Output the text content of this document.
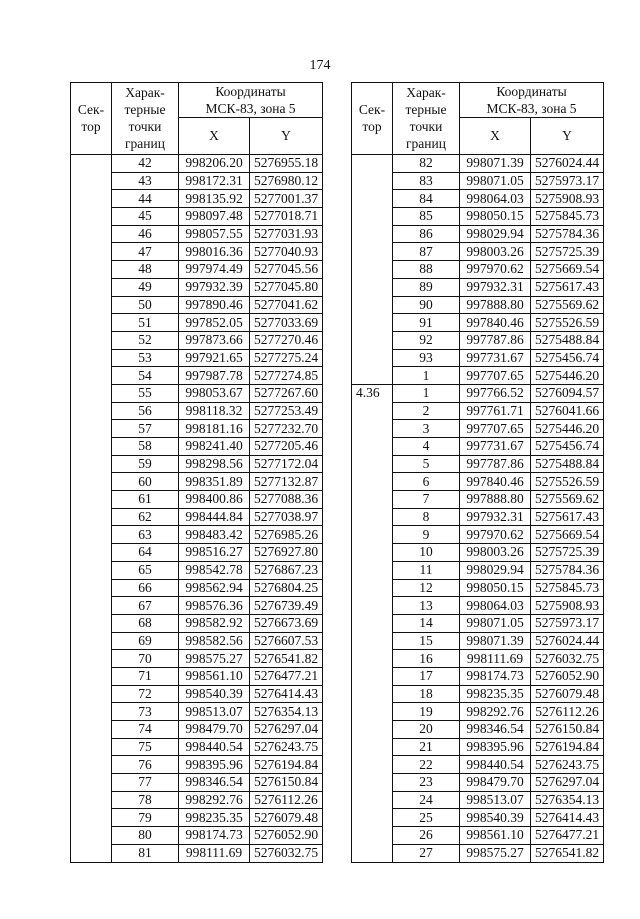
174
Сек-
тор	Харак-
терные
точки
границ	Координаты
МСК-83, зона 5	
		X	Y
	42	998206.20	5276955.18
	43	998172.31	5276980.12
	44	998135.92	5277001.37
	45	998097.48	5277018.71
	46	998057.55	5277031.93
	47	998016.36	5277040.93
	48	997974.49	5277045.56
	49	997932.39	5277045.80
	50	997890.46	5277041.62
	51	997852.05	5277033.69
	52	997873.66	5277270.46
	53	997921.65	5277275.24
	54	997987.78	5277274.85
	55	998053.67	5277267.60
	56	998118.32	5277253.49
	57	998181.16	5277232.70
	58	998241.40	5277205.46
	59	998298.56	5277172.04
	60	998351.89	5277132.87
	61	998400.86	5277088.36
	62	998444.84	5277038.97
	63	998483.42	5276985.26
	64	998516.27	5276927.80
	65	998542.78	5276867.23
	66	998562.94	5276804.25
	67	998576.36	5276739.49
	68	998582.92	5276673.69
	69	998582.56	5276607.53
	70	998575.27	5276541.82
	71	998561.10	5276477.21
	72	998540.39	5276414.43
	73	998513.07	5276354.13
	74	998479.70	5276297.04
	75	998440.54	5276243.75
	76	998395.96	5276194.84
	77	998346.54	5276150.84
	78	998292.76	5276112.26
	79	998235.35	5276079.48
	80	998174.73	5276052.90
	81	998111.69	5276032.75
Сек-
тор	Харак-
терные
точки
границ	Координаты
МСК-83, зона 5	
		X	Y
	82	998071.39	5276024.44
	83	998071.05	5275973.17
	84	998064.03	5275908.93
	85	998050.15	5275845.73
	86	998029.94	5275784.36
	87	998003.26	5275725.39
	88	997970.62	5275669.54
	89	997932.31	5275617.43
	90	997888.80	5275569.62
	91	997840.46	5275526.59
	92	997787.86	5275488.84
	93	997731.67	5275456.74
	1	997707.65	5275446.20
4.36	1	997766.52	5276094.57
	2	997761.71	5276041.66
	3	997707.65	5275446.20
	4	997731.67	5275456.74
	5	997787.86	5275488.84
	6	997840.46	5275526.59
	7	997888.80	5275569.62
	8	997932.31	5275617.43
	9	997970.62	5275669.54
	10	998003.26	5275725.39
	11	998029.94	5275784.36
	12	998050.15	5275845.73
	13	998064.03	5275908.93
	14	998071.05	5275973.17
	15	998071.39	5276024.44
	16	998111.69	5276032.75
	17	998174.73	5276052.90
	18	998235.35	5276079.48
	19	998292.76	5276112.26
	20	998346.54	5276150.84
	21	998395.96	5276194.84
	22	998440.54	5276243.75
	23	998479.70	5276297.04
	24	998513.07	5276354.13
	25	998540.39	5276414.43
	26	998561.10	5276477.21
	27	998575.27	5276541.82
